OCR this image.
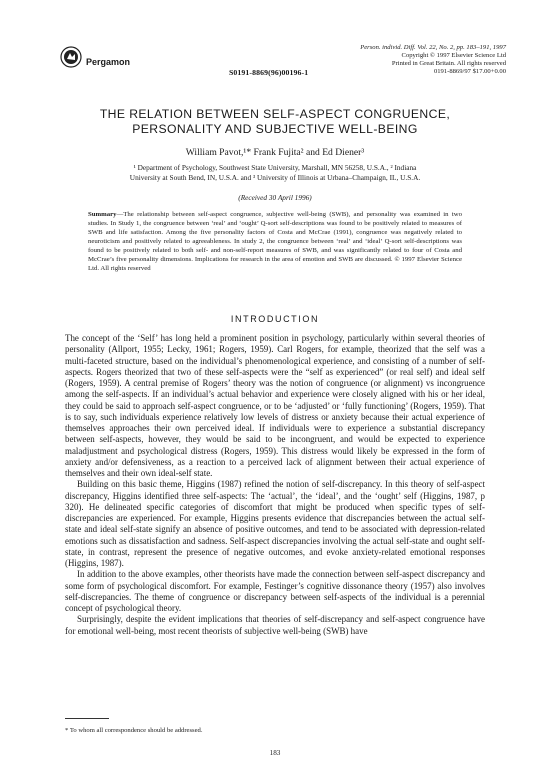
Pergamon
Person. individ. Diff. Vol. 22, No. 2, pp. 183–191, 1997
Copyright © 1997 Elsevier Science Ltd
Printed in Great Britain. All rights reserved
0191-8869/97 $17.00+0.00
S0191-8869(96)00196-1
THE RELATION BETWEEN SELF-ASPECT CONGRUENCE,
PERSONALITY AND SUBJECTIVE WELL-BEING
William Pavot,¹* Frank Fujita² and Ed Diener³
¹ Department of Psychology, Southwest State University, Marshall, MN 56258, U.S.A., ² Indiana
University at South Bend, IN, U.S.A. and ³ University of Illinois at Urbana–Champaign, IL, U.S.A.
(Received 30 April 1996)
Summary—The relationship between self-aspect congruence, subjective well-being (SWB), and personality was examined in two studies. In Study 1, the congruence between ‘real’ and ‘ought’ Q-sort self-descriptions was found to be positively related to measures of SWB and life satisfaction. Among the five personality factors of Costa and McCrae (1991), congruence was negatively related to neuroticism and positively related to agreeableness. In study 2, the congruence between ‘real’ and ‘ideal’ Q-sort self-descriptions was found to be positively related to both self- and non-self-report measures of SWB, and was significantly related to four of Costa and McCrae’s five personality dimensions. Implications for research in the area of emotion and SWB are discussed. © 1997 Elsevier Science Ltd. All rights reserved
INTRODUCTION

The concept of the ‘Self’ has long held a prominent position in psychology, particularly within several theories of personality (Allport, 1955; Lecky, 1961; Rogers, 1959). Carl Rogers, for example, theorized that the self was a multi-faceted structure, based on the individual’s phenomenological experience, and consisting of a number of self-aspects. Rogers theorized that two of these self-aspects were the “self as experienced” (or real self) and ideal self (Rogers, 1959). A central premise of Rogers’ theory was the notion of congruence (or alignment) vs incongruence among the self-aspects. If an individual’s actual behavior and experience were closely aligned with his or her ideal, they could be said to approach self-aspect congruence, or to be ‘adjusted’ or ‘fully functioning’ (Rogers, 1959). That is to say, such individuals experience relatively low levels of distress or anxiety because their actual experience of themselves approaches their own perceived ideal. If individuals were to experience a substantial discrepancy between self-aspects, however, they would be said to be incongruent, and would be expected to experience maladjustment and psychological distress (Rogers, 1959). This distress would likely be expressed in the form of anxiety and/or defensiveness, as a reaction to a perceived lack of alignment between their actual experience of themselves and their own ideal-self state.

Building on this basic theme, Higgins (1987) refined the notion of self-discrepancy. In this theory of self-aspect discrepancy, Higgins identified three self-aspects: The ‘actual’, the ‘ideal’, and the ‘ought’ self (Higgins, 1987, p 320). He delineated specific categories of discomfort that might be produced when specific types of self-discrepancies are experienced. For example, Higgins presents evidence that discrepancies between the actual self-state and ideal self-state signify an absence of positive outcomes, and tend to be associated with depression-related emotions such as dissatisfaction and sadness. Self-aspect discrepancies involving the actual self-state and ought self-state, in contrast, represent the presence of negative outcomes, and evoke anxiety-related emotional responses (Higgins, 1987).

In addition to the above examples, other theorists have made the connection between self-aspect discrepancy and some form of psychological discomfort. For example, Festinger’s cognitive dissonance theory (1957) also involves self-discrepancies. The theme of congruence or discrepancy between self-aspects of the individual is a perennial concept of psychological theory.

Surprisingly, despite the evident implications that theories of self-discrepancy and self-aspect congruence have for emotional well-being, most recent theorists of subjective well-being (SWB) have

* To whom all correspondence should be addressed.
183
